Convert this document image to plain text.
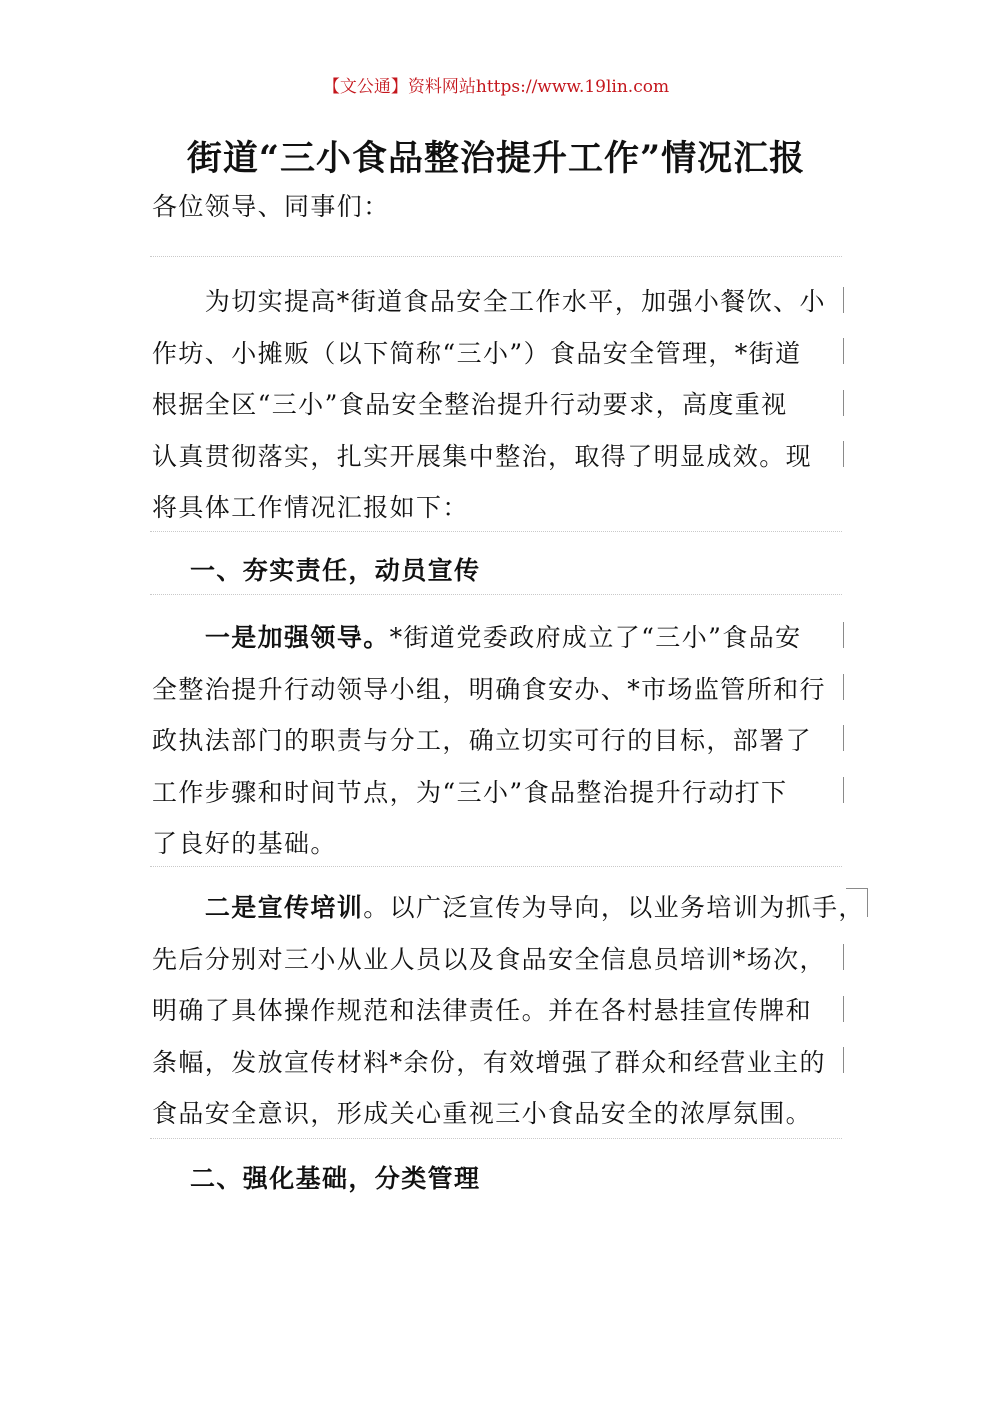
【文公通】资料网站https://www.19lin.com
街道“三小食品整治提升工作”情况汇报
各位领导、同事们：
　　为切实提高*街道食品安全工作水平，加强小餐饮、小
作坊、小摊贩（以下简称“三小”）食品安全管理，*街道
根据全区“三小”食品安全整治提升行动要求，高度重视
认真贯彻落实，扎实开展集中整治，取得了明显成效。现
将具体工作情况汇报如下：
一、夯实责任，动员宣传
　　一是加强领导。*街道党委政府成立了“三小”食品安
全整治提升行动领导小组，明确食安办、*市场监管所和行
政执法部门的职责与分工，确立切实可行的目标，部署了
工作步骤和时间节点，为“三小”食品整治提升行动打下
了良好的基础。
　　二是宣传培训。以广泛宣传为导向，以业务培训为抓手，
先后分别对三小从业人员以及食品安全信息员培训*场次，
明确了具体操作规范和法律责任。并在各村悬挂宣传牌和
条幅，发放宣传材料*余份，有效增强了群众和经营业主的
食品安全意识，形成关心重视三小食品安全的浓厚氛围。
二、强化基础，分类管理
